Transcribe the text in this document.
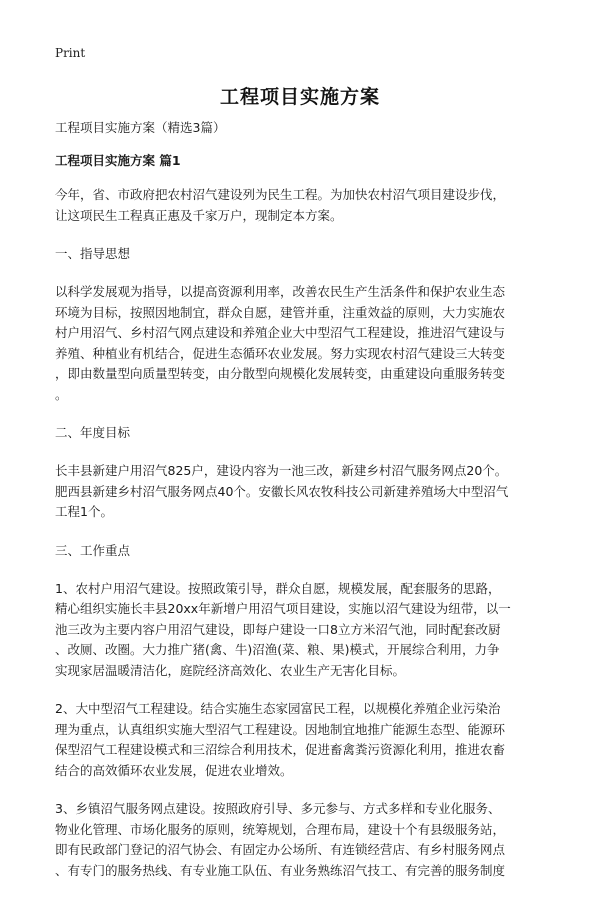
Print
工程项目实施方案
工程项目实施方案（精选3篇）
工程项目实施方案 篇1
今年，省、市政府把农村沼气建设列为民生工程。为加快农村沼气项目建设步伐，
让这项民生工程真正惠及千家万户，现制定本方案。
一、指导思想
以科学发展观为指导，以提高资源利用率，改善农民生产生活条件和保护农业生态
环境为目标，按照因地制宜，群众自愿，建管并重，注重效益的原则，大力实施农
村户用沼气、乡村沼气网点建设和养殖企业大中型沼气工程建设，推进沼气建设与
养殖、种植业有机结合，促进生态循环农业发展。努力实现农村沼气建设三大转变
，即由数量型向质量型转变，由分散型向规模化发展转变，由重建设向重服务转变
。
二、年度目标
长丰县新建户用沼气825户，建设内容为一池三改，新建乡村沼气服务网点20个。
肥西县新建乡村沼气服务网点40个。安徽长风农牧科技公司新建养殖场大中型沼气
工程1个。
三、工作重点
1、农村户用沼气建设。按照政策引导，群众自愿，规模发展，配套服务的思路，
精心组织实施长丰县20xx年新增户用沼气项目建设，实施以沼气建设为纽带，以一
池三改为主要内容户用沼气建设，即每户建设一口8立方米沼气池，同时配套改厨
、改厕、改圈。大力推广猪(禽、牛)沼渔(菜、粮、果)模式，开展综合利用，力争
实现家居温暖清洁化，庭院经济高效化、农业生产无害化目标。
2、大中型沼气工程建设。结合实施生态家园富民工程，以规模化养殖企业污染治
理为重点，认真组织实施大型沼气工程建设。因地制宜地推广能源生态型、能源环
保型沼气工程建设模式和三沼综合利用技术，促进畜禽粪污资源化利用，推进农畜
结合的高效循环农业发展，促进农业增效。
3、乡镇沼气服务网点建设。按照政府引导、多元参与、方式多样和专业化服务、
物业化管理、市场化服务的原则，统筹规划，合理布局，建设十个有县级服务站，
即有民政部门登记的沼气协会、有固定办公场所、有连锁经营店、有乡村服务网点
、有专门的服务热线、有专业施工队伍、有业务熟练沼气技工、有完善的服务制度
